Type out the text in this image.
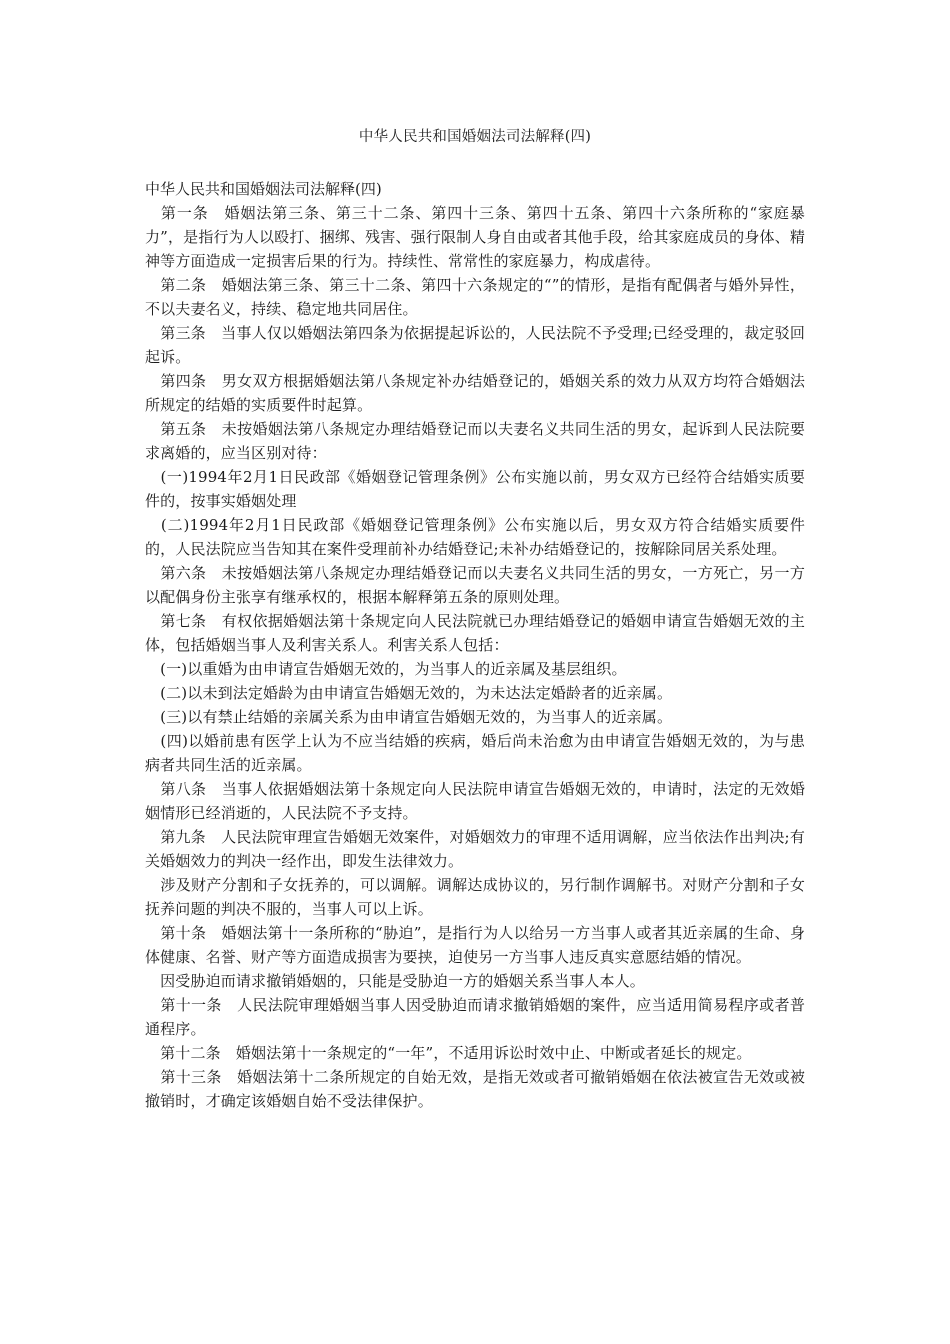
中华人民共和国婚姻法司法解释(四)

中华人民共和国婚姻法司法解释(四)

　第一条　婚姻法第三条、第三十二条、第四十三条、第四十五条、第四十六条所称的“家庭暴力”，是指行为人以殴打、捆绑、残害、强行限制人身自由或者其他手段，给其家庭成员的身体、精神等方面造成一定损害后果的行为。持续性、常常性的家庭暴力，构成虐待。

　第二条　婚姻法第三条、第三十二条、第四十六条规定的“”的情形，是指有配偶者与婚外异性，不以夫妻名义，持续、稳定地共同居住。

　第三条　当事人仅以婚姻法第四条为依据提起诉讼的，人民法院不予受理;已经受理的，裁定驳回起诉。

　第四条　男女双方根据婚姻法第八条规定补办结婚登记的，婚姻关系的效力从双方均符合婚姻法所规定的结婚的实质要件时起算。

　第五条　未按婚姻法第八条规定办理结婚登记而以夫妻名义共同生活的男女，起诉到人民法院要求离婚的，应当区别对待：

　(一)1994年2月1日民政部《婚姻登记管理条例》公布实施以前，男女双方已经符合结婚实质要件的，按事实婚姻处理

　(二)1994年2月1日民政部《婚姻登记管理条例》公布实施以后，男女双方符合结婚实质要件的，人民法院应当告知其在案件受理前补办结婚登记;未补办结婚登记的，按解除同居关系处理。

　第六条　未按婚姻法第八条规定办理结婚登记而以夫妻名义共同生活的男女，一方死亡，另一方以配偶身份主张享有继承权的，根据本解释第五条的原则处理。

　第七条　有权依据婚姻法第十条规定向人民法院就已办理结婚登记的婚姻申请宣告婚姻无效的主体，包括婚姻当事人及利害关系人。利害关系人包括：

　(一)以重婚为由申请宣告婚姻无效的，为当事人的近亲属及基层组织。

　(二)以未到法定婚龄为由申请宣告婚姻无效的，为未达法定婚龄者的近亲属。

　(三)以有禁止结婚的亲属关系为由申请宣告婚姻无效的，为当事人的近亲属。

　(四)以婚前患有医学上认为不应当结婚的疾病，婚后尚未治愈为由申请宣告婚姻无效的，为与患病者共同生活的近亲属。

　第八条　当事人依据婚姻法第十条规定向人民法院申请宣告婚姻无效的，申请时，法定的无效婚姻情形已经消逝的，人民法院不予支持。

　第九条　人民法院审理宣告婚姻无效案件，对婚姻效力的审理不适用调解，应当依法作出判决;有关婚姻效力的判决一经作出，即发生法律效力。

　涉及财产分割和子女抚养的，可以调解。调解达成协议的，另行制作调解书。对财产分割和子女抚养问题的判决不服的，当事人可以上诉。

　第十条　婚姻法第十一条所称的“胁迫”，是指行为人以给另一方当事人或者其近亲属的生命、身体健康、名誉、财产等方面造成损害为要挟，迫使另一方当事人违反真实意愿结婚的情况。

　因受胁迫而请求撤销婚姻的，只能是受胁迫一方的婚姻关系当事人本人。

　第十一条　人民法院审理婚姻当事人因受胁迫而请求撤销婚姻的案件，应当适用简易程序或者普通程序。

　第十二条　婚姻法第十一条规定的“一年”，不适用诉讼时效中止、中断或者延长的规定。

　第十三条　婚姻法第十二条所规定的自始无效，是指无效或者可撤销婚姻在依法被宣告无效或被撤销时，才确定该婚姻自始不受法律保护。
